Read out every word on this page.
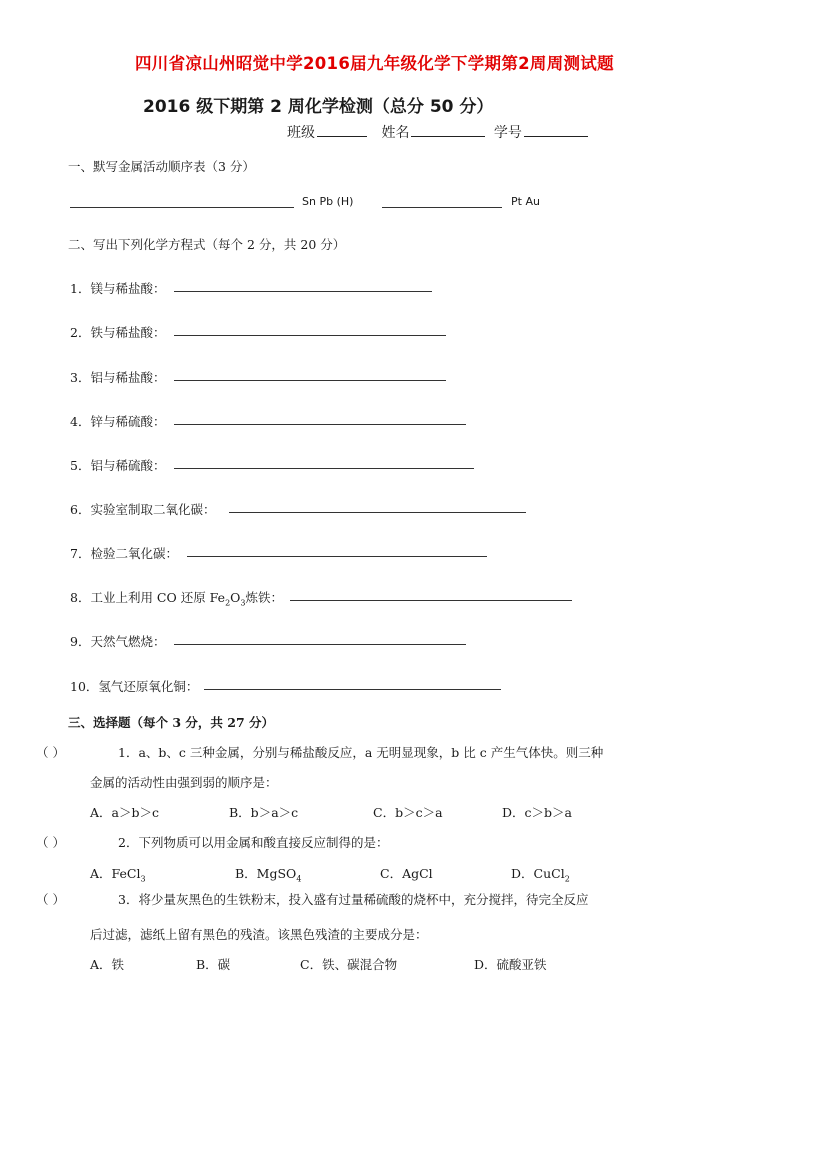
四川省凉山州昭觉中学2016届九年级化学下学期第2周周测试题
2016 级下期第 2 周化学检测（总分 50 分）
班级	姓名	学号
一、默写金属活动顺序表（3 分）
Sn Pb (H)	Pt Au
二、写出下列化学方程式（每个 2 分，共 20 分）
1．镁与稀盐酸：
2．铁与稀盐酸：
3．铝与稀盐酸：
4．锌与稀硫酸：
5．铝与稀硫酸：
6．实验室制取二氧化碳：
7．检验二氧化碳：
8．工业上利用 CO 还原 $Fe_2O_3$炼铁：
9．天然气燃烧：
10．氢气还原氧化铜：
三、选择题（每个 3 分，共 27 分）
（ ）	1．a、b、c 三种金属，分别与稀盐酸反应，a 无明显现象，b 比 c 产生气体快。则三种
金属的活动性由强到弱的顺序是：
A．a＞b＞c	B．b＞a＞c	C．b＞c＞a	D．c＞b＞a
（ ）	2．下列物质可以用金属和酸直接反应制得的是：
A．FeCl$_3$	B．MgSO$_4$	C．AgCl	D．CuCl$_2$
（ ）	3．将少量灰黑色的生铁粉末，投入盛有过量稀硫酸的烧杯中，充分搅拌，待完全反应
后过滤，滤纸上留有黑色的残渣。该黑色残渣的主要成分是：
A．铁	B．碳	C．铁、碳混合物	D．硫酸亚铁
